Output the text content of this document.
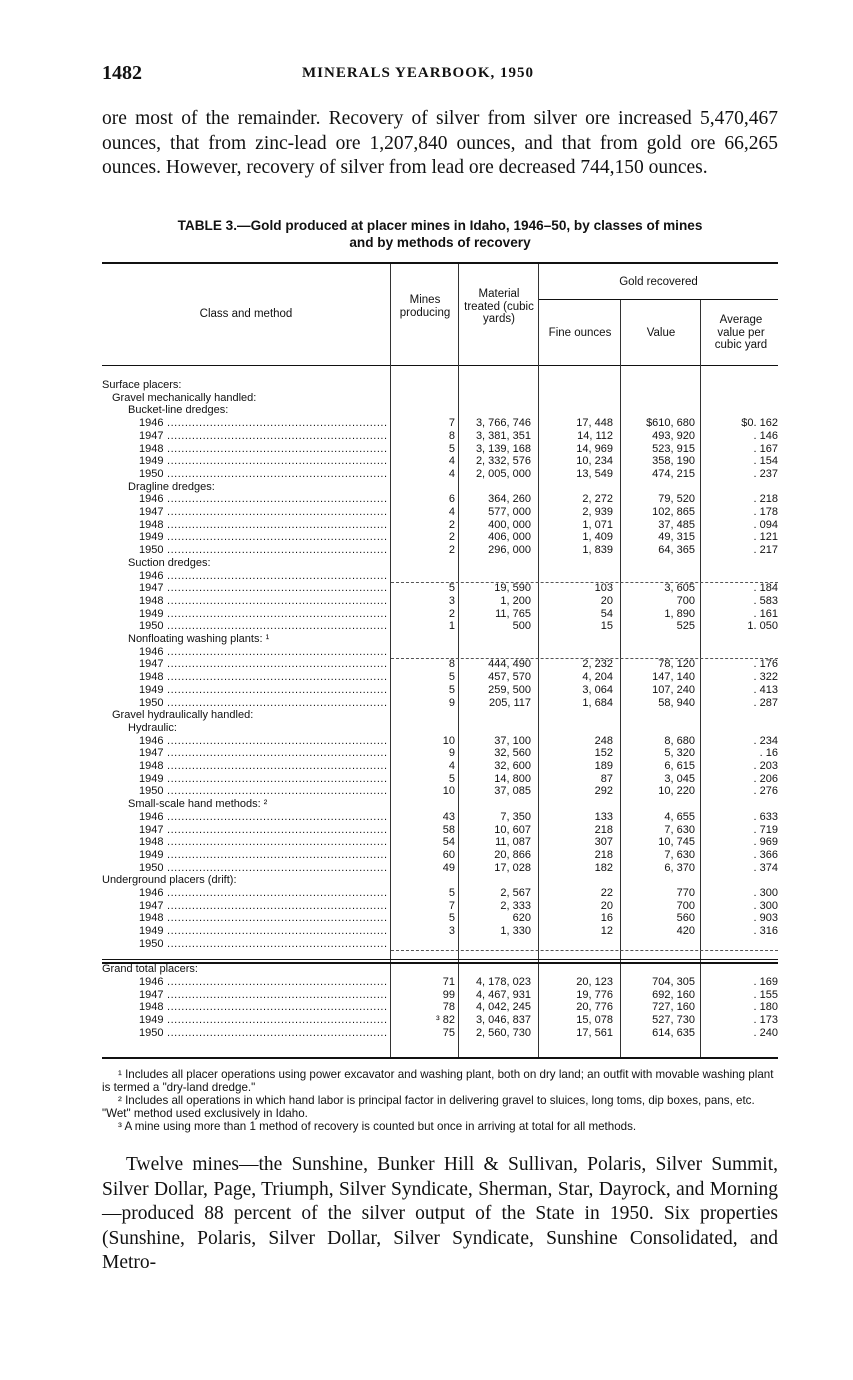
1482	MINERALS YEARBOOK, 1950
ore most of the remainder. Recovery of silver from silver ore increased 5,470,467 ounces, that from zinc-lead ore 1,207,840 ounces, and that from gold ore 66,265 ounces. However, recovery of silver from lead ore decreased 744,150 ounces.
TABLE 3.—Gold produced at placer mines in Idaho, 1946–50, by classes of mines
and by methods of recovery
Class and method
Mines producing
Material treated (cubic yards)
Gold recovered
Fine ounces	Value
Average value per cubic yard
Surface placers:
Gravel mechanically handled:
Bucket-line dredges:
1946 .....	7	3, 766, 746	17, 448	$610, 680	$0. 162
1947 .....	8	3, 381, 351	14, 112	493, 920	. 146
1948 .....	5	3, 139, 168	14, 969	523, 915	. 167
1949 .....	4	2, 332, 576	10, 234	358, 190	. 154
1950 .....	4	2, 005, 000	13, 549	474, 215	. 237
Dragline dredges:
1946 .....	6	364, 260	2, 272	79, 520	. 218
1947 .....	4	577, 000	2, 939	102, 865	. 178
1948 .....	2	400, 000	1, 071	37, 485	. 094
1949 .....	2	406, 000	1, 409	49, 315	. 121
1950 .....	2	296, 000	1, 839	64, 365	. 217
Suction dredges:
1946 .....
1947 .....	5	19, 590	103	3, 605	. 184
1948 .....	3	1, 200	20	700	. 583
1949 .....	2	11, 765	54	1, 890	. 161
1950 .....	1	500	15	525	1. 050
Nonfloating washing plants: ¹
1946 .....
1947 .....	8	444, 490	2, 232	78, 120	. 176
1948 .....	5	457, 570	4, 204	147, 140	. 322
1949 .....	5	259, 500	3, 064	107, 240	. 413
1950 .....	9	205, 117	1, 684	58, 940	. 287
Gravel hydraulically handled:
Hydraulic:
1946 .....	10	37, 100	248	8, 680	. 234
1947 .....	9	32, 560	152	5, 320	. 16
1948 .....	4	32, 600	189	6, 615	. 203
1949 .....	5	14, 800	87	3, 045	. 206
1950 .....	10	37, 085	292	10, 220	. 276
Small-scale hand methods: ²
1946 .....	43	7, 350	133	4, 655	. 633
1947 .....	58	10, 607	218	7, 630	. 719
1948 .....	54	11, 087	307	10, 745	. 969
1949 .....	60	20, 866	218	7, 630	. 366
1950 .....	49	17, 028	182	6, 370	. 374
Underground placers (drift):
1946 .....	5	2, 567	22	770	. 300
1947 .....	7	2, 333	20	700	. 300
1948 .....	5	620	16	560	. 903
1949 .....	3	1, 330	12	420	. 316
1950 .....
Grand total placers:
1946 .....	71	4, 178, 023	20, 123	704, 305	. 169
1947 .....	99	4, 467, 931	19, 776	692, 160	. 155
1948 .....	78	4, 042, 245	20, 776	727, 160	. 180
1949 .....	³ 82	3, 046, 837	15, 078	527, 730	. 173
1950 .....	75	2, 560, 730	17, 561	614, 635	. 240

¹ Includes all placer operations using power excavator and washing plant, both on dry land; an outfit with movable washing plant is termed a "dry-land dredge."

² Includes all operations in which hand labor is principal factor in delivering gravel to sluices, long toms, dip boxes, pans, etc. "Wet" method used exclusively in Idaho.

³ A mine using more than 1 method of recovery is counted but once in arriving at total for all methods.

Twelve mines—the Sunshine, Bunker Hill & Sullivan, Polaris, Silver Summit, Silver Dollar, Page, Triumph, Silver Syndicate, Sherman, Star, Dayrock, and Morning—produced 88 percent of the silver output of the State in 1950. Six properties (Sunshine, Polaris, Silver Dollar, Silver Syndicate, Sunshine Consolidated, and Metro-
